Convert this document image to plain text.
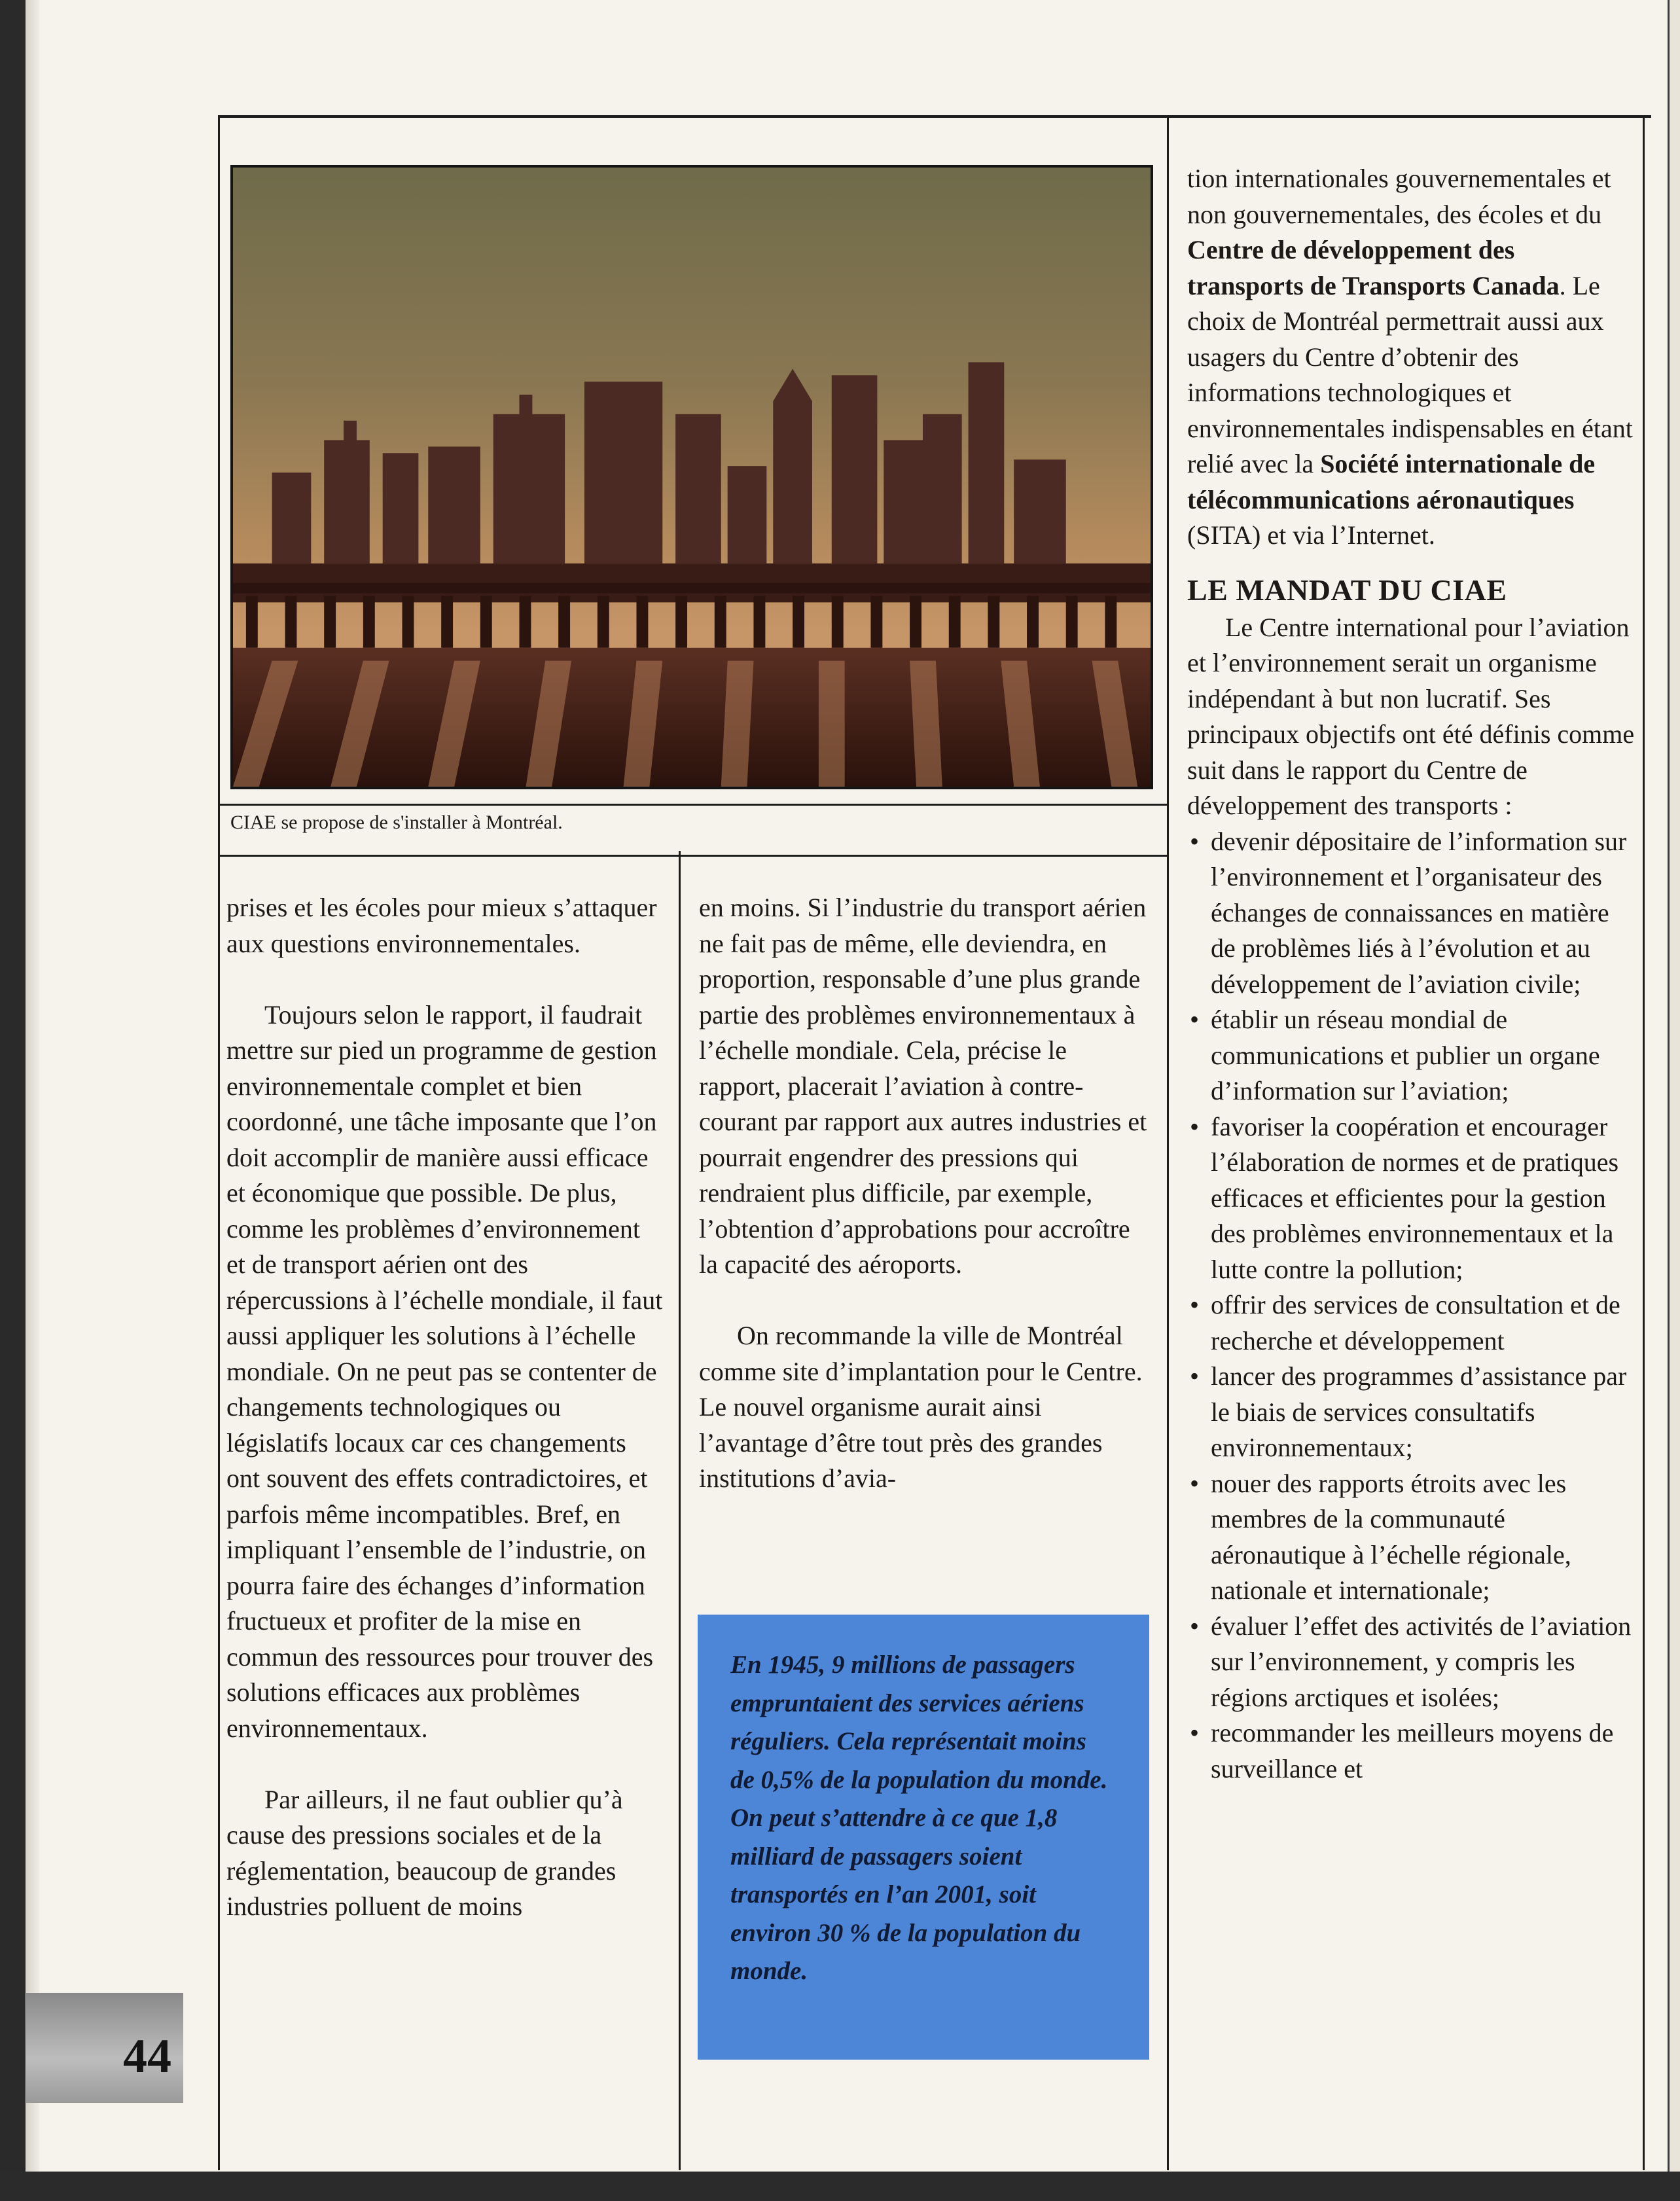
CIAE se propose de s'installer à Montréal.

prises et les écoles pour mieux s’attaquer aux questions environnementales.

Toujours selon le rapport, il faudrait mettre sur pied un programme de gestion environnementale complet et bien coordonné, une tâche imposante que l’on doit accomplir de manière aussi efficace et économique que possible. De plus, comme les problèmes d’environnement et de transport aérien ont des répercussions à l’échelle mondiale, il faut aussi appliquer les solutions à l’échelle mondiale. On ne peut pas se contenter de changements technologiques ou législatifs locaux car ces changements ont souvent des effets contradictoires, et parfois même incompatibles. Bref, en impliquant l’ensemble de l’industrie, on pourra faire des échanges d’information fructueux et profiter de la mise en commun des ressources pour trouver des solutions efficaces aux problèmes environnementaux.

Par ailleurs, il ne faut oublier qu’à cause des pressions sociales et de la réglementation, beaucoup de grandes industries polluent de moins

en moins. Si l’industrie du transport aérien ne fait pas de même, elle deviendra, en proportion, responsable d’une plus grande partie des problèmes environnementaux à l’échelle mondiale. Cela, précise le rapport, placerait l’aviation à contre-courant par rapport aux autres industries et pourrait engendrer des pressions qui rendraient plus difficile, par exemple, l’obtention d’approbations pour accroître la capacité des aéroports.

On recommande la ville de Montréal comme site d’implantation pour le Centre. Le nouvel organisme aurait ainsi l’avantage d’être tout près des grandes institutions d’avia-

En 1945, 9 millions de passagers empruntaient des services aériens réguliers. Cela représentait moins de 0,5% de la population du monde. On peut s’attendre à ce que 1,8 milliard de passagers soient transportés en l’an 2001, soit environ 30 % de la population du monde.

tion internationales gouvernementales et non gouvernementales, des écoles et du Centre de développement des transports de Transports Canada. Le choix de Montréal permettrait aussi aux usagers du Centre d’obtenir des informations technologiques et environnementales indispensables en étant relié avec la Société internationale de télécommunications aéronautiques (SITA) et via l’Internet.

LE MANDAT DU CIAE

Le Centre international pour l’aviation et l’environnement serait un organisme indépendant à but non lucratif. Ses principaux objectifs ont été définis comme suit dans le rapport du Centre de développement des transports :

• devenir dépositaire de l’information sur l’environnement et l’organisateur des échanges de connaissances en matière de problèmes liés à l’évolution et au développement de l’aviation civile;
• établir un réseau mondial de communications et publier un organe d’information sur l’aviation;
• favoriser la coopération et encourager l’élaboration de normes et de pratiques efficaces et efficientes pour la gestion des problèmes environnementaux et la lutte contre la pollution;
• offrir des services de consultation et de recherche et développement
• lancer des programmes d’assistance par le biais de services consultatifs environnementaux;
• nouer des rapports étroits avec les membres de la communauté aéronautique à l’échelle régionale, nationale et internationale;
• évaluer l’effet des activités de l’aviation sur l’environnement, y compris les régions arctiques et isolées;
• recommander les meilleurs moyens de surveillance et
44
